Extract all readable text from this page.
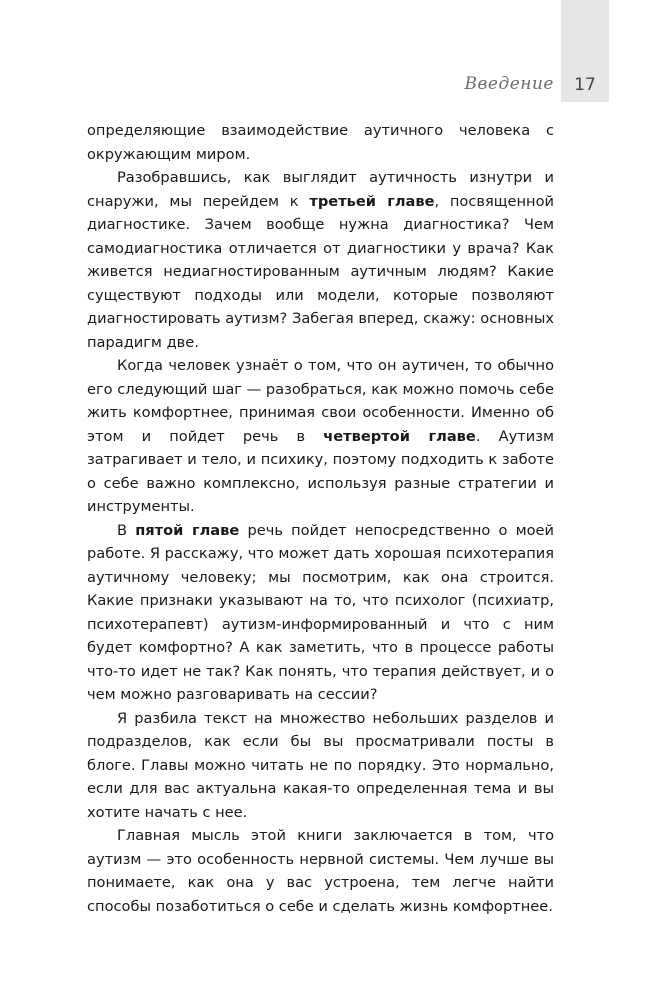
Введение	17

определяющие взаимодействие аутичного человека с окружающим миром.

Разобравшись, как выглядит аутичность изнутри и снаружи, мы перейдем к третьей главе, посвященной диагностике. Зачем вообще нужна диагностика? Чем самодиагностика отличается от диагностики у врача? Как живется недиагностированным аутичным людям? Какие существуют подходы или модели, которые позволяют диагностировать аутизм? Забегая вперед, скажу: основных парадигм две.

Когда человек узнаёт о том, что он аутичен, то обычно его следующий шаг — разобраться, как можно помочь себе жить комфортнее, принимая свои особенности. Именно об этом и пойдет речь в четвертой главе. Аутизм затрагивает и тело, и психику, поэтому подходить к заботе о себе важно комплексно, используя разные стратегии и инструменты.

В пятой главе речь пойдет непосредственно о моей работе. Я расскажу, что может дать хорошая психотерапия аутичному человеку; мы посмотрим, как она строится. Какие признаки указывают на то, что психолог (психиатр, психотерапевт) аутизм-информированный и что с ним будет комфортно? А как заметить, что в процессе работы что-то идет не так? Как понять, что терапия действует, и о чем можно разговаривать на сессии?

Я разбила текст на множество небольших разделов и подразделов, как если бы вы просматривали посты в блоге. Главы можно читать не по порядку. Это нормально, если для вас актуальна какая-то определенная тема и вы хотите начать с нее.

Главная мысль этой книги заключается в том, что аутизм — это особенность нервной системы. Чем лучше вы понимаете, как она у вас устроена, тем легче найти способы позаботиться о себе и сделать жизнь комфортнее.
